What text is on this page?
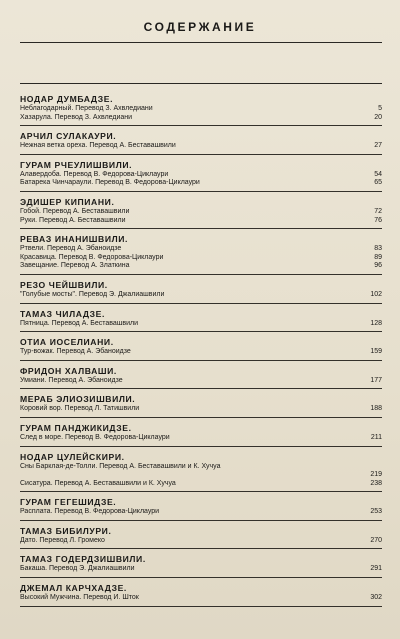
СОДЕРЖАНИЕ
НОДАР ДУМБАДЗЕ.
Неблагодарный. Перевод З. Ахвледиани	5
Хазарула. Перевод З. Ахвледиани	20
АРЧИЛ СУЛАКАУРИ.
Нежная ветка ореха. Перевод А. Беставашвили	27
ГУРАМ РЧЕУЛИШВИЛИ.
Алавердоба. Перевод В. Федорова-Циклаури	54
Батарека Чинчараули. Перевод В. Федорова-Циклаури	65
ЭДИШЕР КИПИАНИ.
Гобой. Перевод А. Беставашвили	72
Руки. Перевод А. Беставашвили	76
РЕВАЗ ИНАНИШВИЛИ.
Ртвели. Перевод А. Эбаноидзе	83
Красавица. Перевод В. Федорова-Циклаури	89
Завещание. Перевод А. Златкина	96
РЕЗО ЧЕЙШВИЛИ.
"Голубые мосты". Перевод Э. Джалиашвили	102
ТАМАЗ ЧИЛАДЗЕ.
Пятница. Перевод А. Беставашвили	128
ОТИА ИОСЕЛИАНИ.
Тур-вожак. Перевод А. Эбаноидзе	159
ФРИДОН ХАЛВАШИ.
Умиани. Перевод А. Эбаноидзе	177
МЕРАБ ЭЛИОЗИШВИЛИ.
Коровий вор. Перевод Л. Татишвили	188
ГУРАМ ПАНДЖИКИДЗЕ.
След в море. Перевод В. Федорова-Циклаури	211
НОДАР ЦУЛЕЙСКИРИ.
Сны Барклая-де-Толли. Перевод А. Беставашвили и К. Хучуа
219
Сисатура. Перевод А. Беставашвили и К. Хучуа	238
ГУРАМ ГЕГЕШИДЗЕ.
Расплата. Перевод В. Федорова-Циклаури	253
ТАМАЗ БИБИЛУРИ.
Дато. Перевод Л. Громеко	270
ТАМАЗ ГОДЕРДЗИШВИЛИ.
Бакаша. Перевод Э. Джалиашвили	291
ДЖЕМАЛ КАРЧХАДЗЕ.
Высокий Мужчина. Перевод И. Шток	302
